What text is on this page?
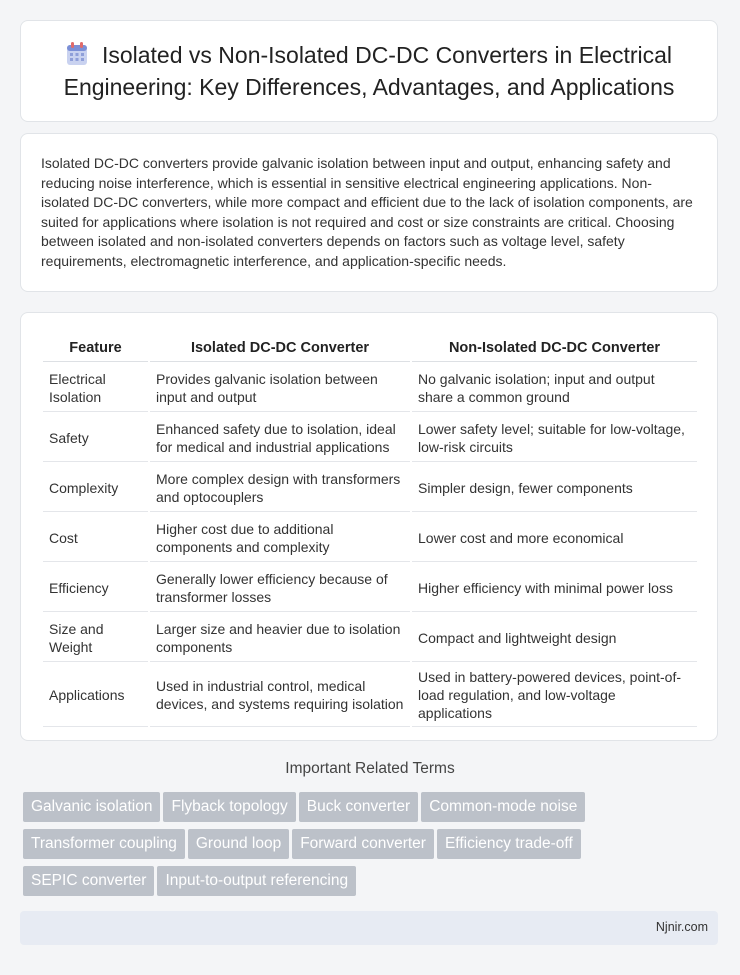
Isolated vs Non-Isolated DC-DC Converters in Electrical Engineering: Key Differences, Advantages, and Applications

Isolated DC-DC converters provide galvanic isolation between input and output, enhancing safety and reducing noise interference, which is essential in sensitive electrical engineering applications. Non-isolated DC-DC converters, while more compact and efficient due to the lack of isolation components, are suited for applications where isolation is not required and cost or size constraints are critical. Choosing between isolated and non-isolated converters depends on factors such as voltage level, safety requirements, electromagnetic interference, and application-specific needs.

Feature	Isolated DC-DC Converter	Non-Isolated DC-DC Converter
Electrical Isolation	Provides galvanic isolation between input and output	No galvanic isolation; input and output share a common ground
Safety	Enhanced safety due to isolation, ideal for medical and industrial applications	Lower safety level; suitable for low-voltage, low-risk circuits
Complexity	More complex design with transformers and optocouplers	Simpler design, fewer components
Cost	Higher cost due to additional components and complexity	Lower cost and more economical
Efficiency	Generally lower efficiency because of transformer losses	Higher efficiency with minimal power loss
Size and Weight	Larger size and heavier due to isolation components	Compact and lightweight design
Applications	Used in industrial control, medical devices, and systems requiring isolation	Used in battery-powered devices, point-of-load regulation, and low-voltage applications
Important Related Terms
Galvanic isolation Flyback topology Buck converter Common-mode noise
Transformer coupling Ground loop Forward converter Efficiency trade-off
SEPIC converter Input-to-output referencing
Njnir.com
